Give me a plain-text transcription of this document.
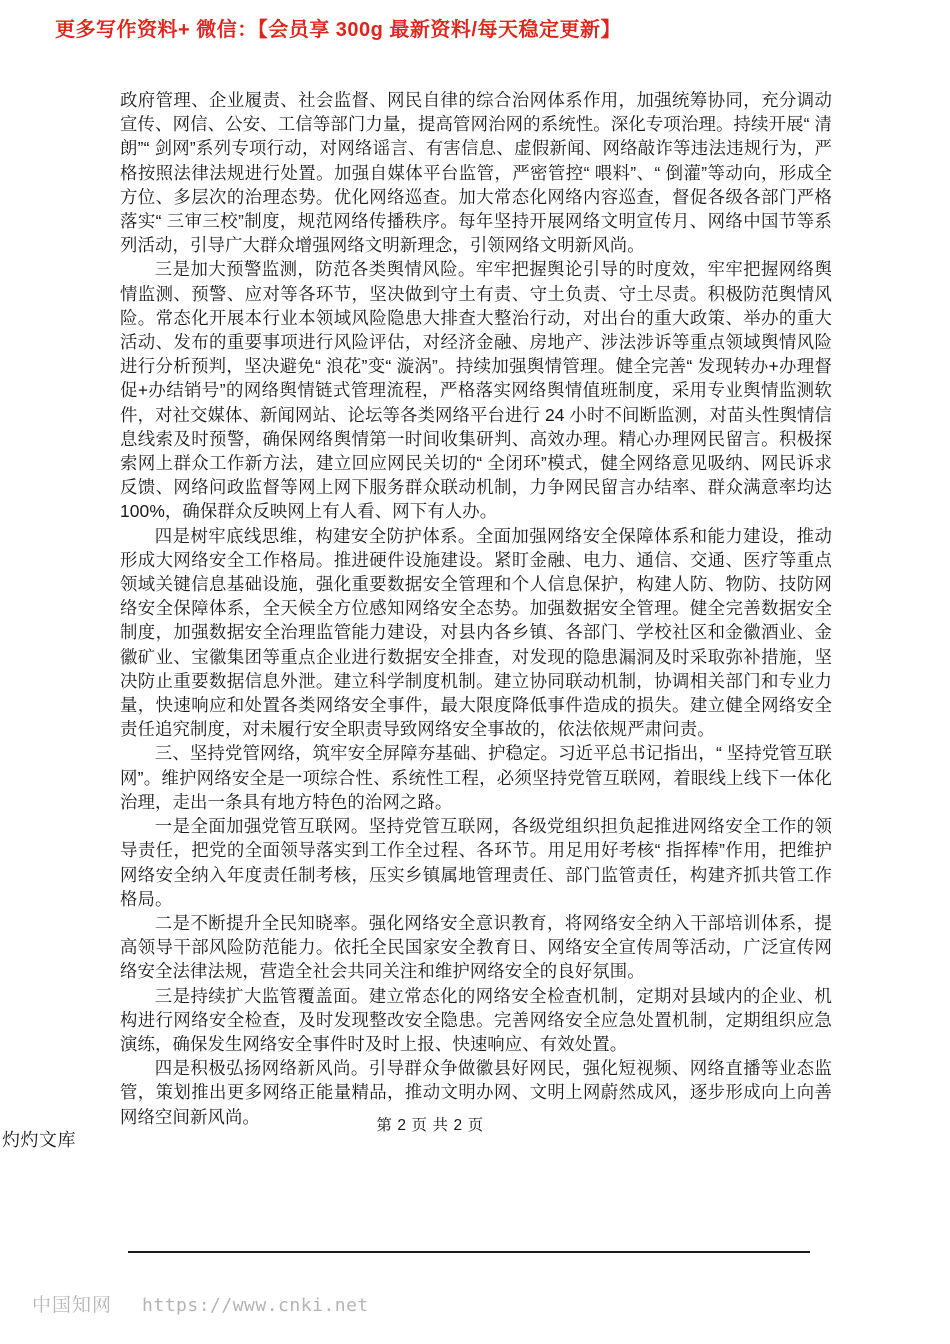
更多写作资料+ 微信：【会员享 300g 最新资料/每天稳定更新】

政府管理、企业履责、社会监督、网民自律的综合治网体系作用，加强统筹协同，充分调动宣传、网信、公安、工信等部门力量，提高管网治网的系统性。深化专项治理。持续开展“ 清朗”“ 剑网”系列专项行动，对网络谣言、有害信息、虚假新闻、网络敲诈等违法违规行为，严格按照法律法规进行处置。加强自媒体平台监管，严密管控“ 喂料”、“ 倒灌”等动向，形成全方位、多层次的治理态势。优化网络巡查。加大常态化网络内容巡查，督促各级各部门严格落实“ 三审三校”制度，规范网络传播秩序。每年坚持开展网络文明宣传月、网络中国节等系列活动，引导广大群众增强网络文明新理念，引领网络文明新风尚。

三是加大预警监测，防范各类舆情风险。牢牢把握舆论引导的时度效，牢牢把握网络舆情监测、预警、应对等各环节，坚决做到守土有责、守土负责、守土尽责。积极防范舆情风险。常态化开展本行业本领域风险隐患大排查大整治行动，对出台的重大政策、举办的重大活动、发布的重要事项进行风险评估，对经济金融、房地产、涉法涉诉等重点领域舆情风险进行分析预判，坚决避免“ 浪花”变“ 漩涡”。持续加强舆情管理。健全完善“ 发现转办+办理督促+办结销号”的网络舆情链式管理流程，严格落实网络舆情值班制度，采用专业舆情监测软件，对社交媒体、新闻网站、论坛等各类网络平台进行 24 小时不间断监测，对苗头性舆情信息线索及时预警，确保网络舆情第一时间收集研判、高效办理。精心办理网民留言。积极探索网上群众工作新方法，建立回应网民关切的“ 全闭环”模式，健全网络意见吸纳、网民诉求反馈、网络问政监督等网上网下服务群众联动机制，力争网民留言办结率、群众满意率均达 100%，确保群众反映网上有人看、网下有人办。

四是树牢底线思维，构建安全防护体系。全面加强网络安全保障体系和能力建设，推动形成大网络安全工作格局。推进硬件设施建设。紧盯金融、电力、通信、交通、医疗等重点领域关键信息基础设施，强化重要数据安全管理和个人信息保护，构建人防、物防、技防网络安全保障体系，全天候全方位感知网络安全态势。加强数据安全管理。健全完善数据安全制度，加强数据安全治理监管能力建设，对县内各乡镇、各部门、学校社区和金徽酒业、金徽矿业、宝徽集团等重点企业进行数据安全排查，对发现的隐患漏洞及时采取弥补措施，坚决防止重要数据信息外泄。建立科学制度机制。建立协同联动机制，协调相关部门和专业力量，快速响应和处置各类网络安全事件，最大限度降低事件造成的损失。建立健全网络安全责任追究制度，对未履行安全职责导致网络安全事故的，依法依规严肃问责。

三、坚持党管网络，筑牢安全屏障夯基础、护稳定。习近平总书记指出，“ 坚持党管互联网”。维护网络安全是一项综合性、系统性工程，必须坚持党管互联网，着眼线上线下一体化治理，走出一条具有地方特色的治网之路。

一是全面加强党管互联网。坚持党管互联网，各级党组织担负起推进网络安全工作的领导责任，把党的全面领导落实到工作全过程、各环节。用足用好考核“ 指挥棒”作用，把维护网络安全纳入年度责任制考核，压实乡镇属地管理责任、部门监管责任，构建齐抓共管工作格局。

二是不断提升全民知晓率。强化网络安全意识教育，将网络安全纳入干部培训体系，提高领导干部风险防范能力。依托全民国家安全教育日、网络安全宣传周等活动，广泛宣传网络安全法律法规，营造全社会共同关注和维护网络安全的良好氛围。

三是持续扩大监管覆盖面。建立常态化的网络安全检查机制，定期对县域内的企业、机构进行网络安全检查，及时发现整改安全隐患。完善网络安全应急处置机制，定期组织应急演练，确保发生网络安全事件时及时上报、快速响应、有效处置。

四是积极弘扬网络新风尚。引导群众争做徽县好网民，强化短视频、网络直播等业态监管，策划推出更多网络正能量精品，推动文明办网、文明上网蔚然成风，逐步形成向上向善网络空间新风尚。	第 2 页 共 2 页
灼灼文库
中国知网 https://www.cnki.net
